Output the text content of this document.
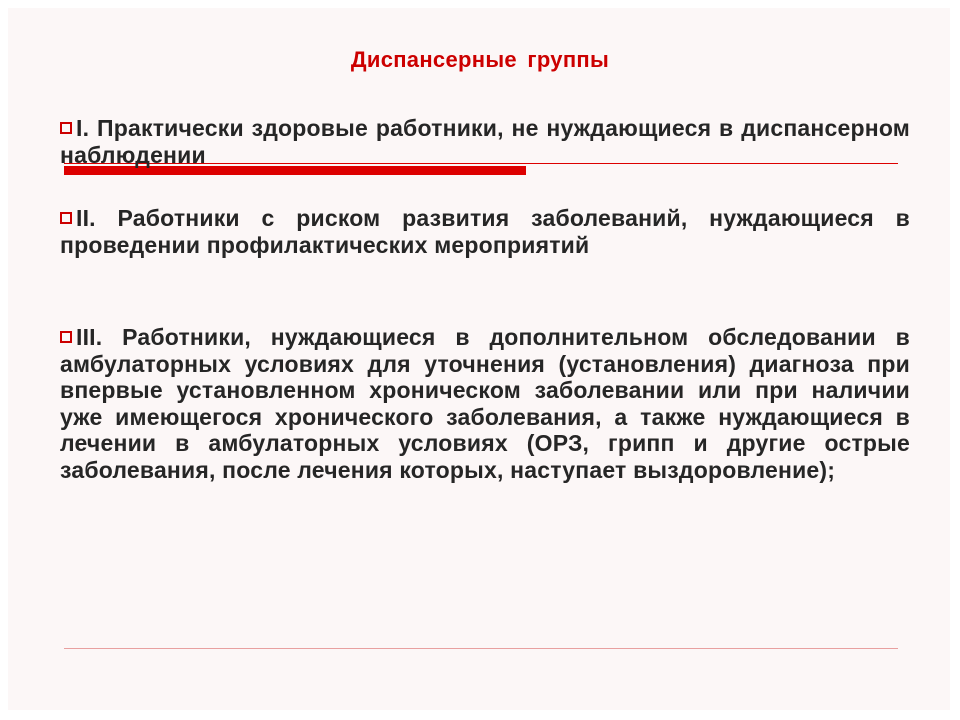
Диспансерные группы
I. Практически здоровые работники, не нуждающиеся в диспансерном наблюдении
II. Работники с риском развития заболеваний, нуждающиеся в проведении профилактических мероприятий
III. Работники, нуждающиеся в дополнительном обследовании в амбулаторных условиях для уточнения (установления) диагноза при впервые установленном хроническом заболевании или при наличии уже имеющегося хронического заболевания, а также нуждающиеся в лечении в амбулаторных условиях (ОРЗ, грипп и другие острые заболевания, после лечения которых, наступает выздоровление);
